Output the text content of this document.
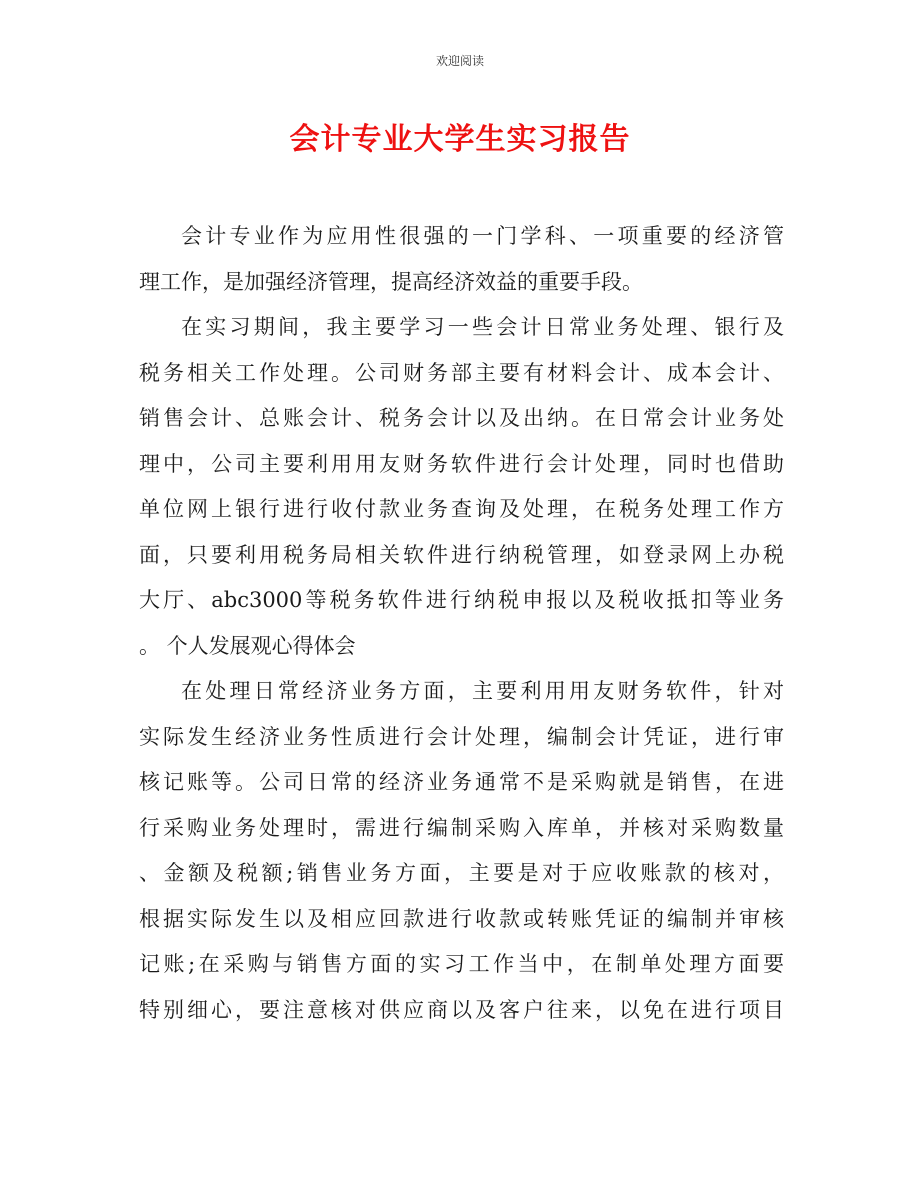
欢迎阅读
会计专业大学生实习报告
会计专业作为应用性很强的一门学科、一项重要的经济管
理工作，是加强经济管理，提高经济效益的重要手段。
在实习期间，我主要学习一些会计日常业务处理、银行及
税务相关工作处理。公司财务部主要有材料会计、成本会计、
销售会计、总账会计、税务会计以及出纳。在日常会计业务处
理中，公司主要利用用友财务软件进行会计处理，同时也借助
单位网上银行进行收付款业务查询及处理，在税务处理工作方
面，只要利用税务局相关软件进行纳税管理，如登录网上办税
大厅、abc3000等税务软件进行纳税申报以及税收抵扣等业务
。 个人发展观心得体会
在处理日常经济业务方面，主要利用用友财务软件，针对
实际发生经济业务性质进行会计处理，编制会计凭证，进行审
核记账等。公司日常的经济业务通常不是采购就是销售，在进
行采购业务处理时，需进行编制采购入库单，并核对采购数量
、金额及税额;销售业务方面，主要是对于应收账款的核对，
根据实际发生以及相应回款进行收款或转账凭证的编制并审核
记账;在采购与销售方面的实习工作当中，在制单处理方面要
特别细心，要注意核对供应商以及客户往来，以免在进行项目
